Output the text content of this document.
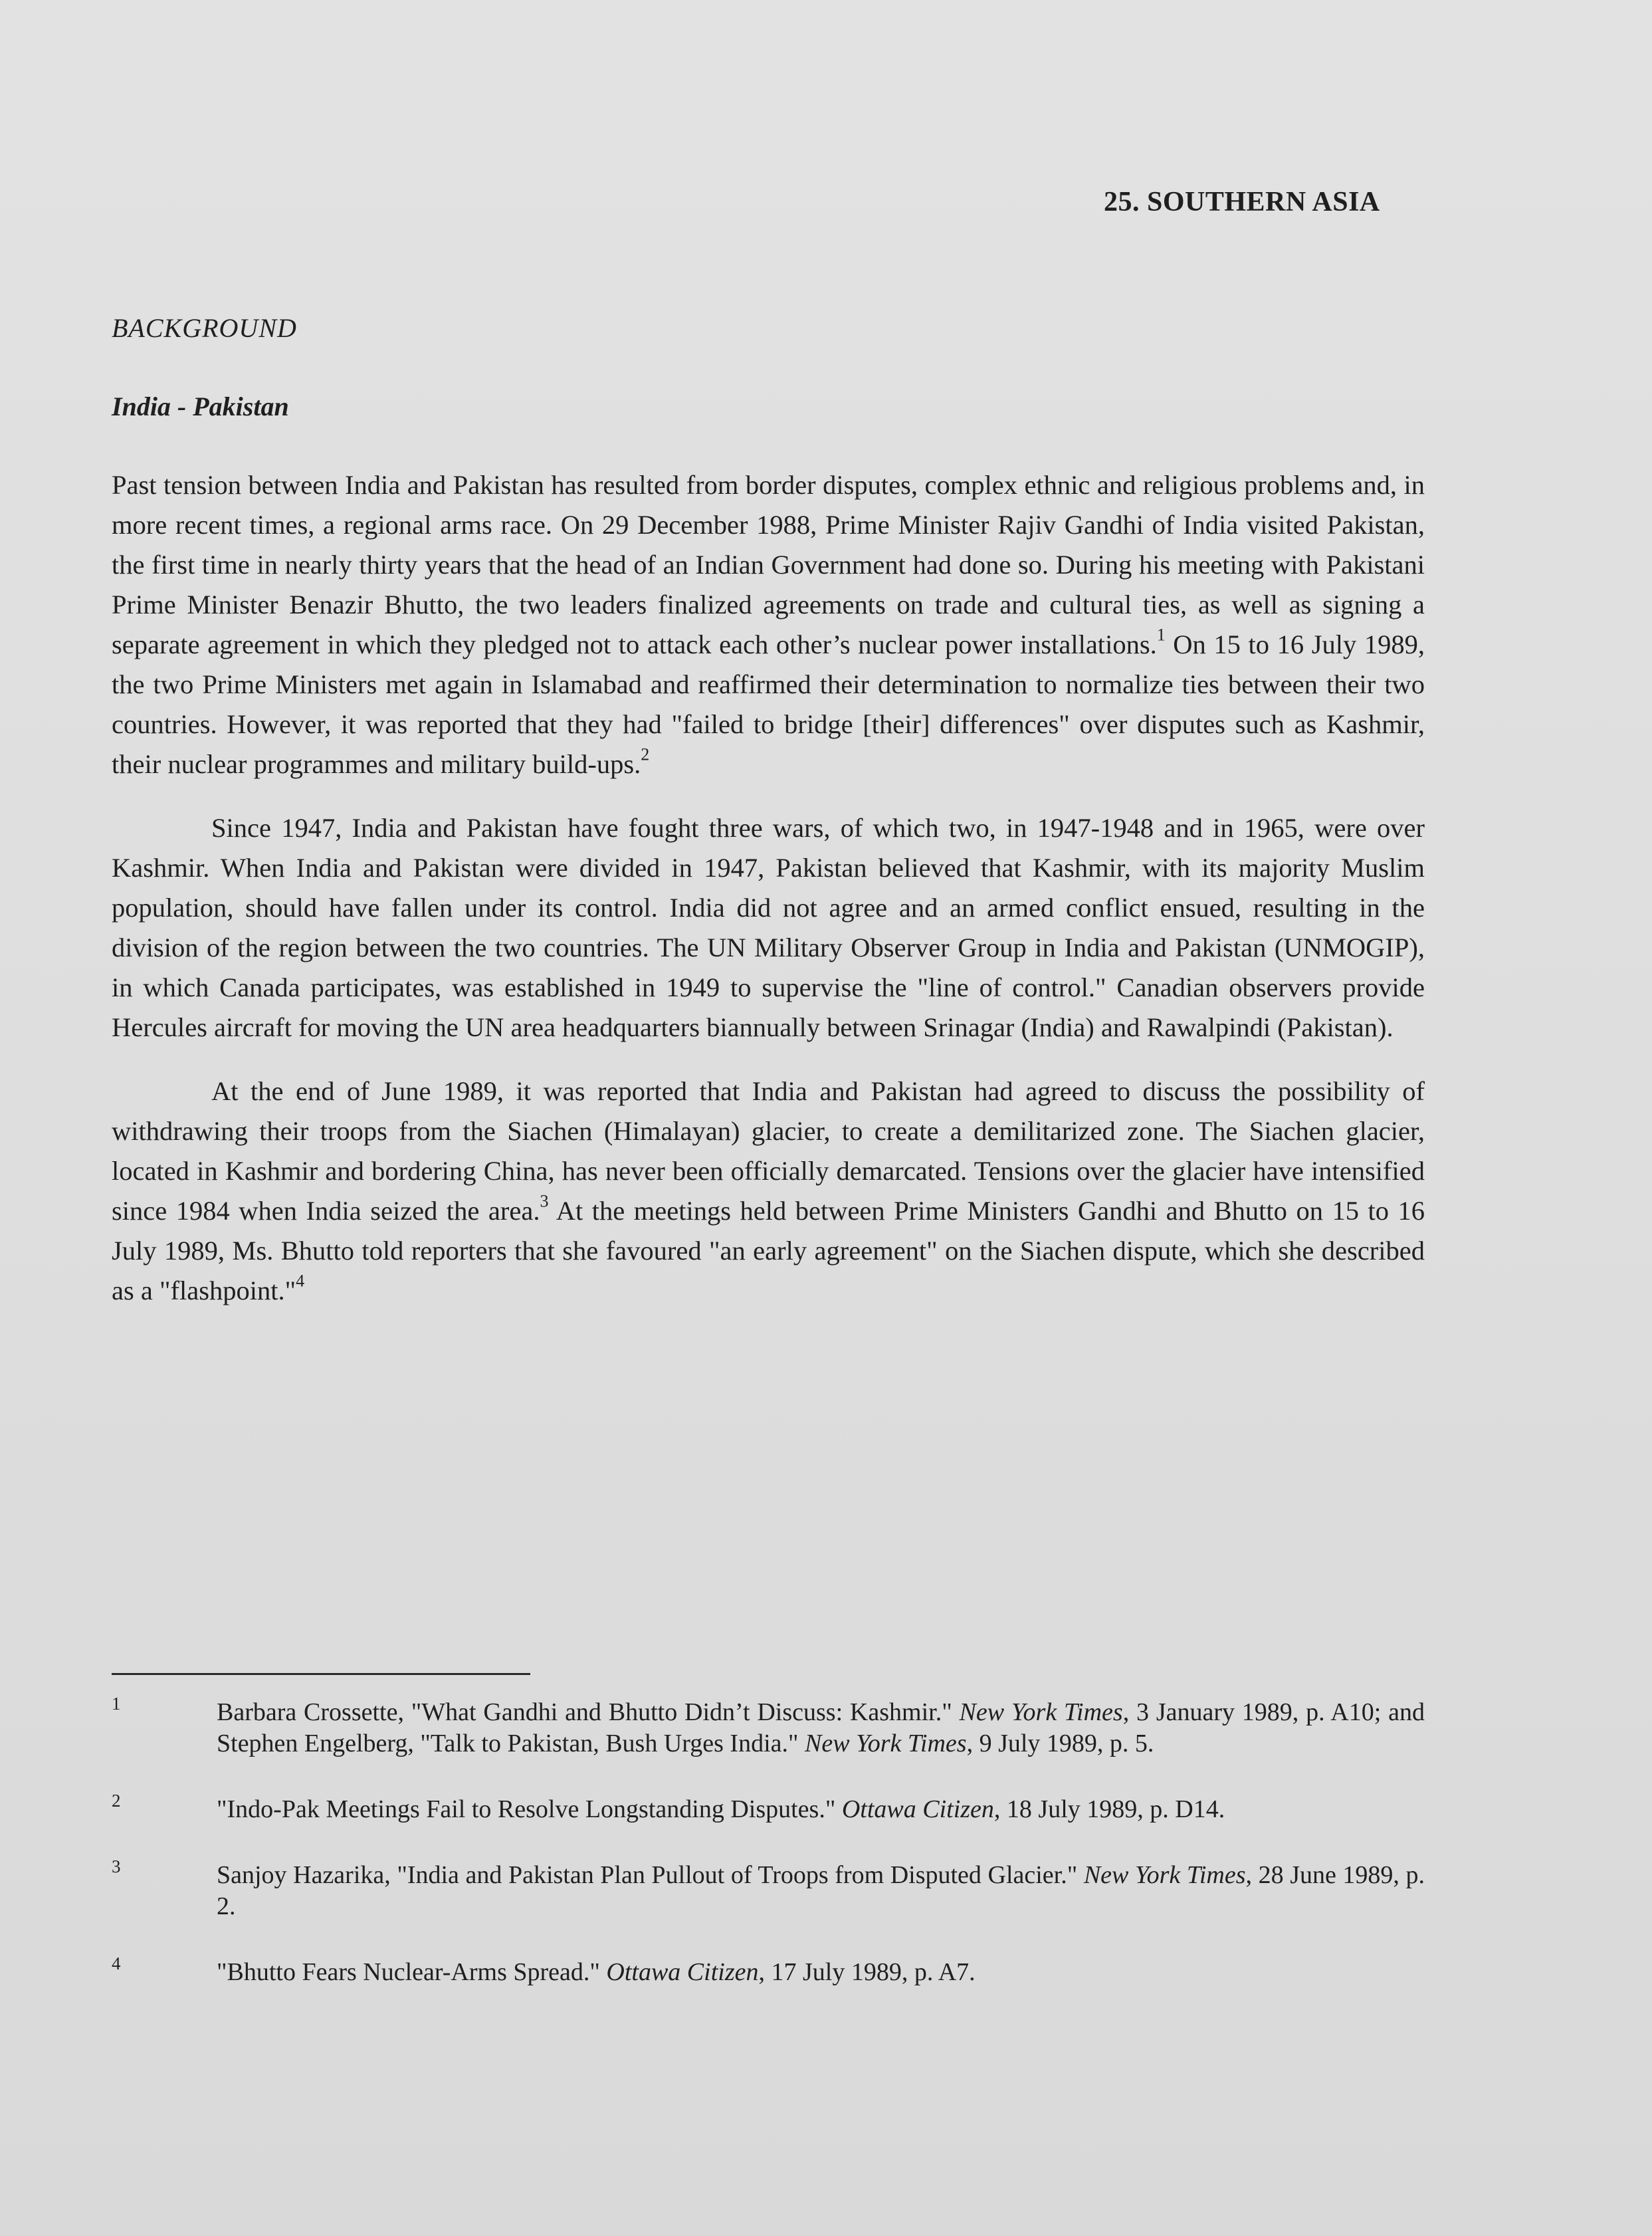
25. SOUTHERN ASIA
BACKGROUND
India - Pakistan

Past tension between India and Pakistan has resulted from border disputes, complex ethnic and religious problems and, in more recent times, a regional arms race. On 29 December 1988, Prime Minister Rajiv Gandhi of India visited Pakistan, the first time in nearly thirty years that the head of an Indian Government had done so. During his meeting with Pakistani Prime Minister Benazir Bhutto, the two leaders finalized agreements on trade and cultural ties, as well as signing a separate agreement in which they pledged not to attack each other’s nuclear power installations.$^1$ On 15 to 16 July 1989, the two Prime Ministers met again in Islamabad and reaffirmed their determination to normalize ties between their two countries. However, it was reported that they had "failed to bridge [their] differences" over disputes such as Kashmir, their nuclear programmes and military build-ups.$^2$

Since 1947, India and Pakistan have fought three wars, of which two, in 1947-1948 and in 1965, were over Kashmir. When India and Pakistan were divided in 1947, Pakistan believed that Kashmir, with its majority Muslim population, should have fallen under its control. India did not agree and an armed conflict ensued, resulting in the division of the region between the two countries. The UN Military Observer Group in India and Pakistan (UNMOGIP), in which Canada participates, was established in 1949 to supervise the "line of control." Canadian observers provide Hercules aircraft for moving the UN area headquarters biannually between Srinagar (India) and Rawalpindi (Pakistan).

At the end of June 1989, it was reported that India and Pakistan had agreed to discuss the possibility of withdrawing their troops from the Siachen (Himalayan) glacier, to create a demilitarized zone. The Siachen glacier, located in Kashmir and bordering China, has never been officially demarcated. Tensions over the glacier have intensified since 1984 when India seized the area.$^3$ At the meetings held between Prime Ministers Gandhi and Bhutto on 15 to 16 July 1989, Ms. Bhutto told reporters that she favoured "an early agreement" on the Siachen dispute, which she described as a "flashpoint."$^4$

1	Barbara Crossette, "What Gandhi and Bhutto Didn’t Discuss: Kashmir." New York Times, 3 January 1989, p. A10; and Stephen Engelberg, "Talk to Pakistan, Bush Urges India." New York Times, 9 July 1989, p. 5.
2	"Indo-Pak Meetings Fail to Resolve Longstanding Disputes." Ottawa Citizen, 18 July 1989, p. D14.
3	Sanjoy Hazarika, "India and Pakistan Plan Pullout of Troops from Disputed Glacier." New York Times, 28 June 1989, p. 2.
4	"Bhutto Fears Nuclear-Arms Spread." Ottawa Citizen, 17 July 1989, p. A7.
